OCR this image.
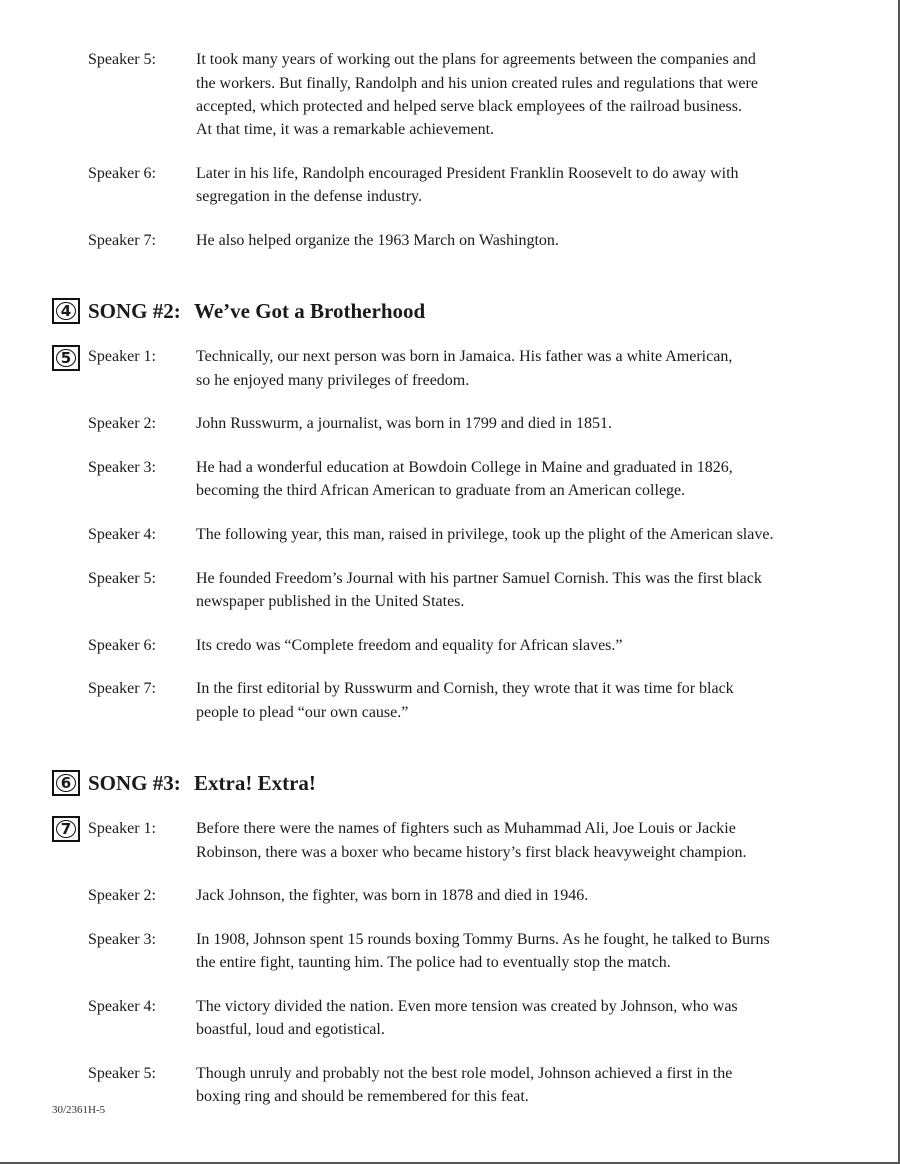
Speaker 5:	It took many years of working out the plans for agreements between the companies and
the workers. But finally, Randolph and his union created rules and regulations that were
accepted, which protected and helped serve black employees of the railroad business.
At that time, it was a remarkable achievement.
Speaker 6:	Later in his life, Randolph encouraged President Franklin Roosevelt to do away with
segregation in the defense industry.
Speaker 7:	He also helped organize the 1963 March on Washington.
4 SONG #2: We’ve Got a Brotherhood
5 Speaker 1:	Technically, our next person was born in Jamaica. His father was a white American,
so he enjoyed many privileges of freedom.
Speaker 2:	John Russwurm, a journalist, was born in 1799 and died in 1851.
Speaker 3:	He had a wonderful education at Bowdoin College in Maine and graduated in 1826,
becoming the third African American to graduate from an American college.
Speaker 4:	The following year, this man, raised in privilege, took up the plight of the American slave.
Speaker 5:	He founded Freedom’s Journal with his partner Samuel Cornish. This was the first black
newspaper published in the United States.
Speaker 6:	Its credo was “Complete freedom and equality for African slaves.”
Speaker 7:	In the first editorial by Russwurm and Cornish, they wrote that it was time for black
people to plead “our own cause.”
6 SONG #3: Extra! Extra!
7 Speaker 1:	Before there were the names of fighters such as Muhammad Ali, Joe Louis or Jackie
Robinson, there was a boxer who became history’s first black heavyweight champion.
Speaker 2:	Jack Johnson, the fighter, was born in 1878 and died in 1946.
Speaker 3:	In 1908, Johnson spent 15 rounds boxing Tommy Burns. As he fought, he talked to Burns
the entire fight, taunting him. The police had to eventually stop the match.
Speaker 4:	The victory divided the nation. Even more tension was created by Johnson, who was
boastful, loud and egotistical.
Speaker 5:	Though unruly and probably not the best role model, Johnson achieved a first in the
boxing ring and should be remembered for this feat.
30/2361H-5
